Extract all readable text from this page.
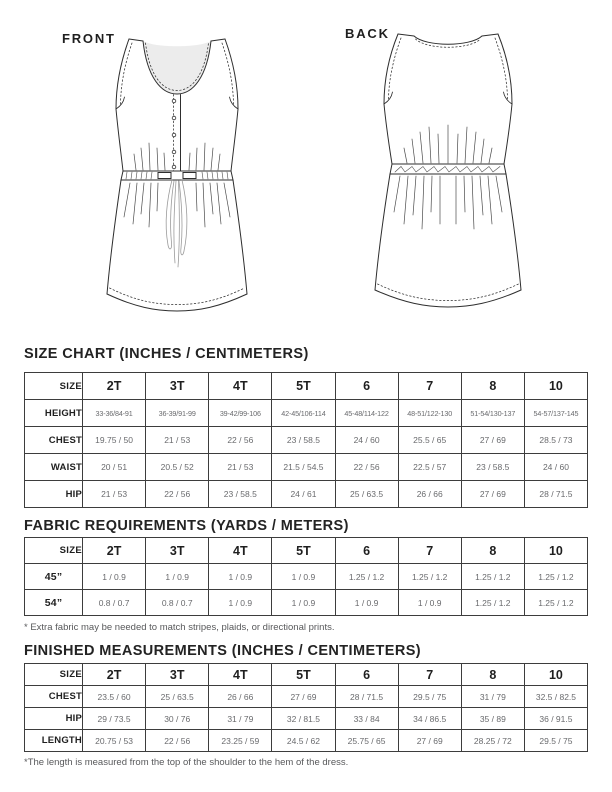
FRONT	BACK
SIZE CHART (INCHES / CENTIMETERS)
SIZE	2T	3T	4T	5T	6	7	8	10
HEIGHT	33-36/84-91	36-39/91-99	39-42/99-106	42-45/106-114	45-48/114-122	48-51/122-130	51-54/130-137	54-57/137-145
CHEST	19.75 / 50	21 / 53	22 / 56	23 / 58.5	24 / 60	25.5 / 65	27 / 69	28.5 / 73
WAIST	20 / 51	20.5 / 52	21 / 53	21.5 / 54.5	22 / 56	22.5 / 57	23 / 58.5	24 / 60
HIP	21 / 53	22 / 56	23 / 58.5	24 / 61	25 / 63.5	26 / 66	27 / 69	28 / 71.5
FABRIC REQUIREMENTS (YARDS / METERS)
SIZE	2T	3T	4T	5T	6	7	8	10
45”	1 / 0.9	1 / 0.9	1 / 0.9	1 / 0.9	1.25 / 1.2	1.25 / 1.2	1.25 / 1.2	1.25 / 1.2
54”	0.8 / 0.7	0.8 / 0.7	1 / 0.9	1 / 0.9	1 / 0.9	1 / 0.9	1.25 / 1.2	1.25 / 1.2

* Extra fabric may be needed to match stripes, plaids, or directional prints.

FINISHED MEASUREMENTS (INCHES / CENTIMETERS)
SIZE	2T	3T	4T	5T	6	7	8	10
CHEST	23.5 / 60	25 / 63.5	26 / 66	27 / 69	28 / 71.5	29.5 / 75	31 / 79	32.5 / 82.5
HIP	29 / 73.5	30 / 76	31 / 79	32 / 81.5	33 / 84	34 / 86.5	35 / 89	36 / 91.5
LENGTH	20.75 / 53	22 / 56	23.25 / 59	24.5 / 62	25.75 / 65	27 / 69	28.25 / 72	29.5 / 75

*The length is measured from the top of the shoulder to the hem of the dress.
